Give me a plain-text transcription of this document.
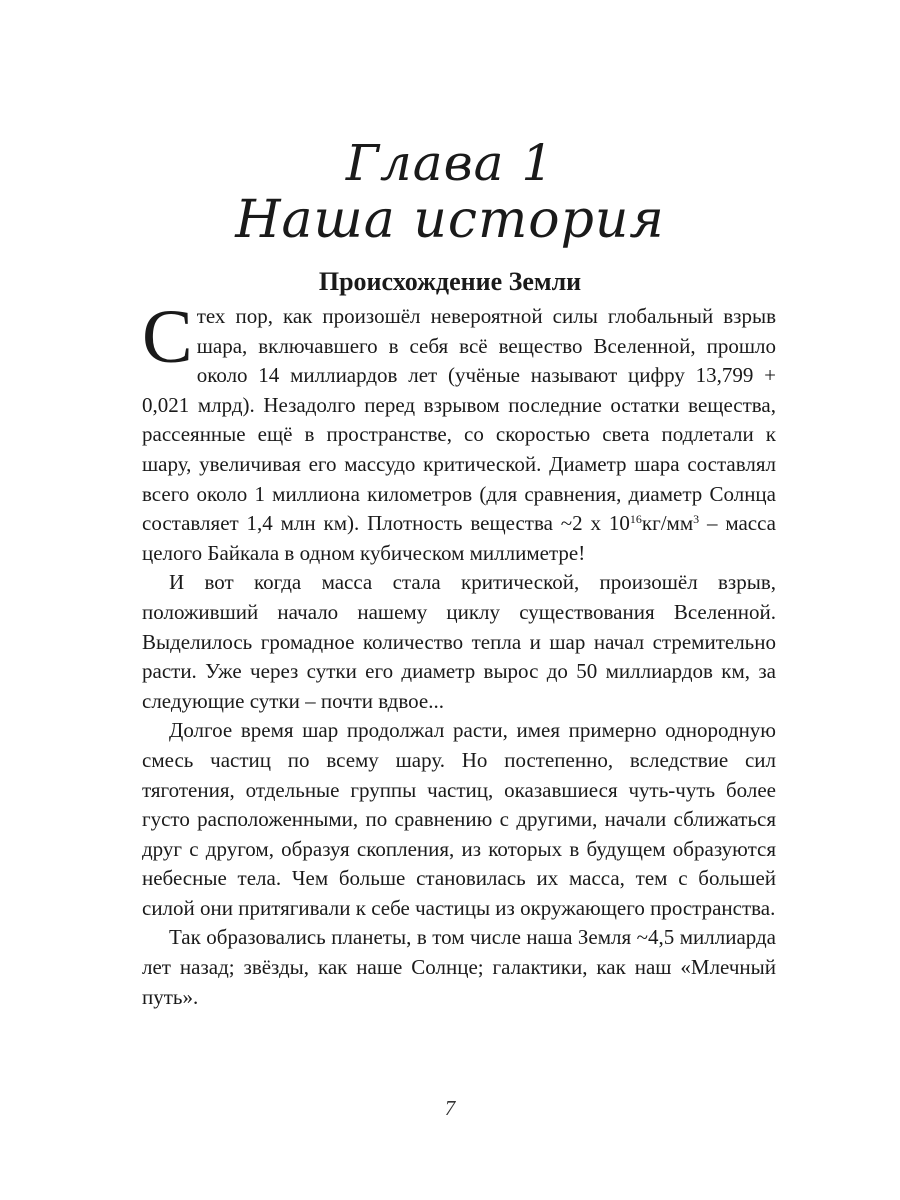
Глава 1
Наша история
Происхождение Земли

Стех пор, как произошёл невероятной силы глобальный взрыв шара, включавшего в себя всё вещество Вселенной, прошло около 14 миллиардов лет (учёные называют цифру 13,799 + 0,021 млрд). Незадолго перед взрывом последние остатки вещества, рассеянные ещё в пространстве, со скоростью света подлетали к шару, увеличивая его массудо критической. Диаметр шара составлял всего около 1 миллиона километров (для сравнения, диаметр Солнца составляет 1,4 млн км). Плотность вещества ~2 х $10^{16}кг/мм^3$ – масса целого Байкала в одном кубическом миллиметре!

И вот когда масса стала критической, произошёл взрыв, положивший начало нашему циклу существования Вселенной. Выделилось громадное количество тепла и шар начал стремительно расти. Уже через сутки его диаметр вырос до 50 миллиардов км, за следующие сутки – почти вдвое...

Долгое время шар продолжал расти, имея примерно однородную смесь частиц по всему шару. Но постепенно, вследствие сил тяготения, отдельные группы частиц, оказавшиеся чуть-чуть более густо расположенными, по сравнению с другими, начали сближаться друг с другом, образуя скопления, из которых в будущем образуются небесные тела. Чем больше становилась их масса, тем с большей силой они притягивали к себе частицы из окружающего пространства.

Так образовались планеты, в том числе наша Земля ~4,5 миллиарда лет назад; звёзды, как наше Солнце; галактики, как наш «Млечный путь».

7
